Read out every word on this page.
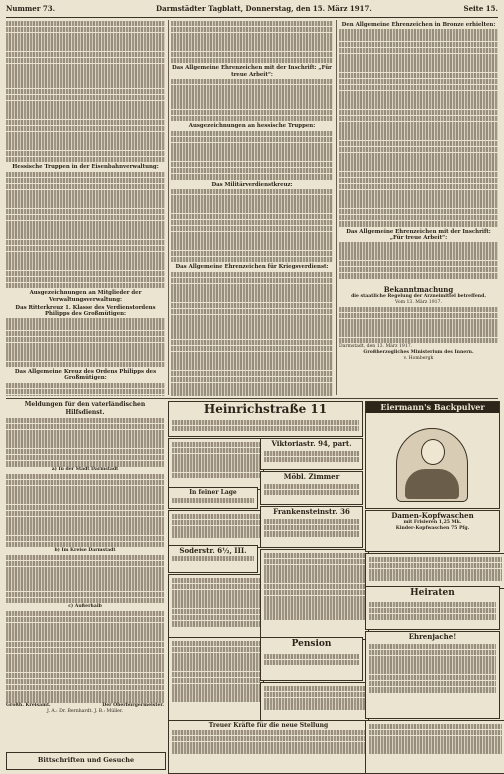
Nummer 73.	Darmstädter Tagblatt, Donnerstag, den 15. März 1917.	Seite 15.
Hessische Truppen in der Eisenbahnverwaltung:
Ausgezeichnungen an Mitglieder der Verwaltungsverwaltung:
Das Ritterkreuz 1. Klasse des Verdienstordens Philipps des Großmütigen:
Das Allgemeine Kreuz des Ordens Philipps des Großmütigen:
Das Allgemeine Ehrenzeichen mit der Inschrift: „Für treue Arbeit“:
Ausgezeichnungen an hessische Truppen:
Das Militärverdienstkreuz:
Das Allgemeine Ehrenzeichen für Kriegsverdienst:
Den Allgemeine Ehrenzeichen in Bronze erhielten:
Das Allgemeine Ehrenzeichen mit der Inschrift: „Für treue Arbeit“:
Bekanntmachung
die staatliche Regelung der Arzneimittel betreffend.
Vom 13. März 1917.
Darmstadt, den 13. März 1917.
Großherzogliches Ministerium des Innern.
v. Hombergk
Meldungen für den vaterländischen Hilfsdienst.
a) In der Stadt Darmstadt
b) Im Kreise Darmstadt
c) Außerhalb
Großh. Kreisamt.	Der Oberbürgermeister.
J. A.: Dr. Bernhardt. J. B.: Müller.
Bittschriften und Gesuche
Heinrichstraße 11
Viktoriastr. 94, part.
Möbl. Zimmer
In feiner Lage
Frankensteinstr. 36
Soderstr. 6½, III.
Pension
Treuer Kräfte für die neue Stellung
Eiermann's Backpulver
Damen-Kopfwaschen
mit Frisieren 1,25 Mk.
Kinder-Kopfwaschen 75 Pfg.
Heiraten
Ehrenjache!
